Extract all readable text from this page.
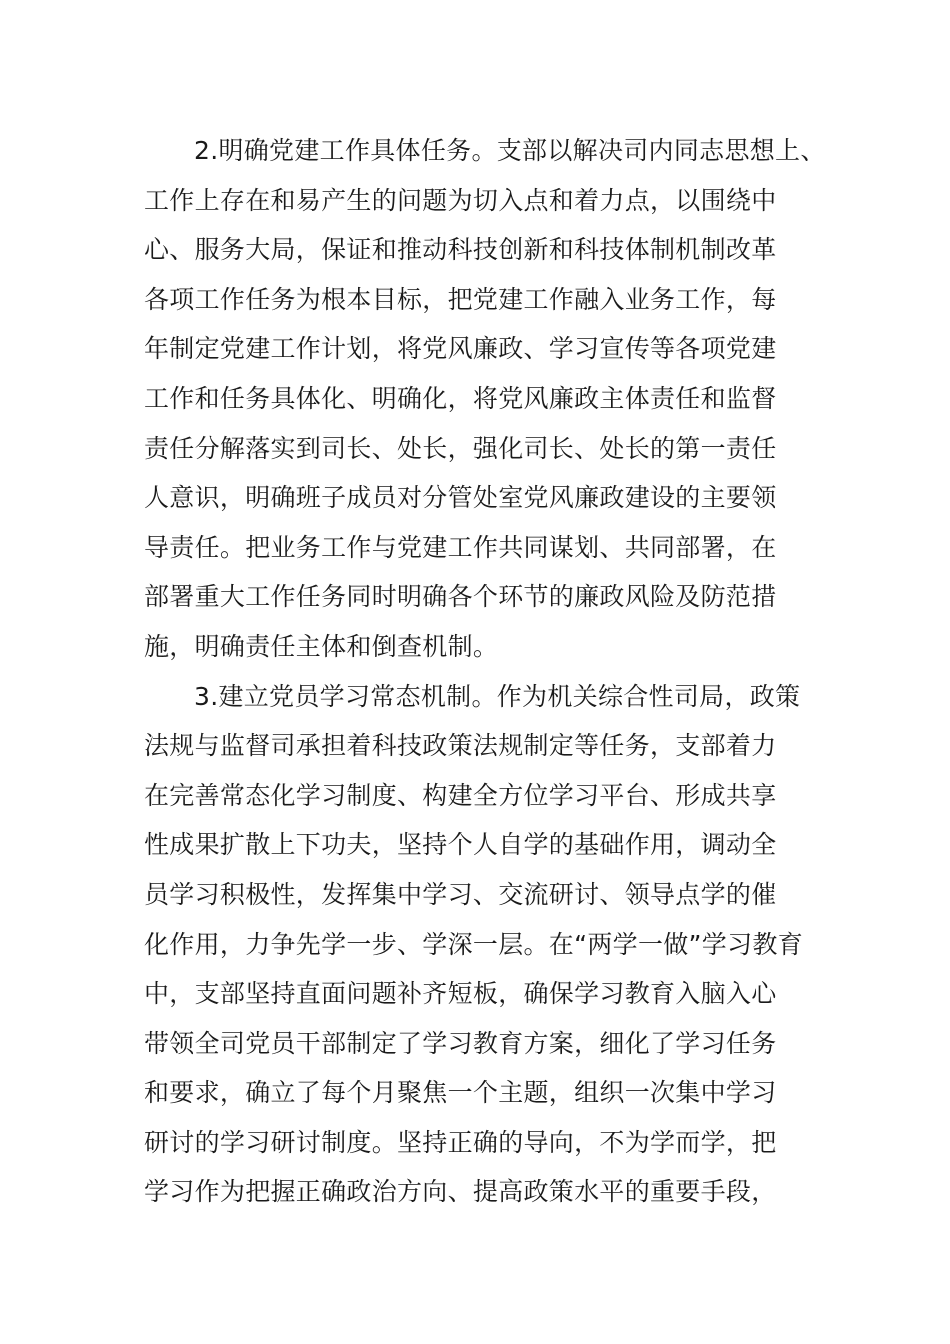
2.明确党建工作具体任务。支部以解决司内同志思想上、
工作上存在和易产生的问题为切入点和着力点，以围绕中
心、服务大局，保证和推动科技创新和科技体制机制改革
各项工作任务为根本目标，把党建工作融入业务工作，每
年制定党建工作计划，将党风廉政、学习宣传等各项党建
工作和任务具体化、明确化，将党风廉政主体责任和监督
责任分解落实到司长、处长，强化司长、处长的第一责任
人意识，明确班子成员对分管处室党风廉政建设的主要领
导责任。把业务工作与党建工作共同谋划、共同部署，在
部署重大工作任务同时明确各个环节的廉政风险及防范措
施，明确责任主体和倒查机制。
3.建立党员学习常态机制。作为机关综合性司局，政策
法规与监督司承担着科技政策法规制定等任务，支部着力
在完善常态化学习制度、构建全方位学习平台、形成共享
性成果扩散上下功夫，坚持个人自学的基础作用，调动全
员学习积极性，发挥集中学习、交流研讨、领导点学的催
化作用，力争先学一步、学深一层。在“两学一做”学习教育
中，支部坚持直面问题补齐短板，确保学习教育入脑入心
带领全司党员干部制定了学习教育方案，细化了学习任务
和要求，确立了每个月聚焦一个主题，组织一次集中学习
研讨的学习研讨制度。坚持正确的导向，不为学而学，把
学习作为把握正确政治方向、提高政策水平的重要手段，
